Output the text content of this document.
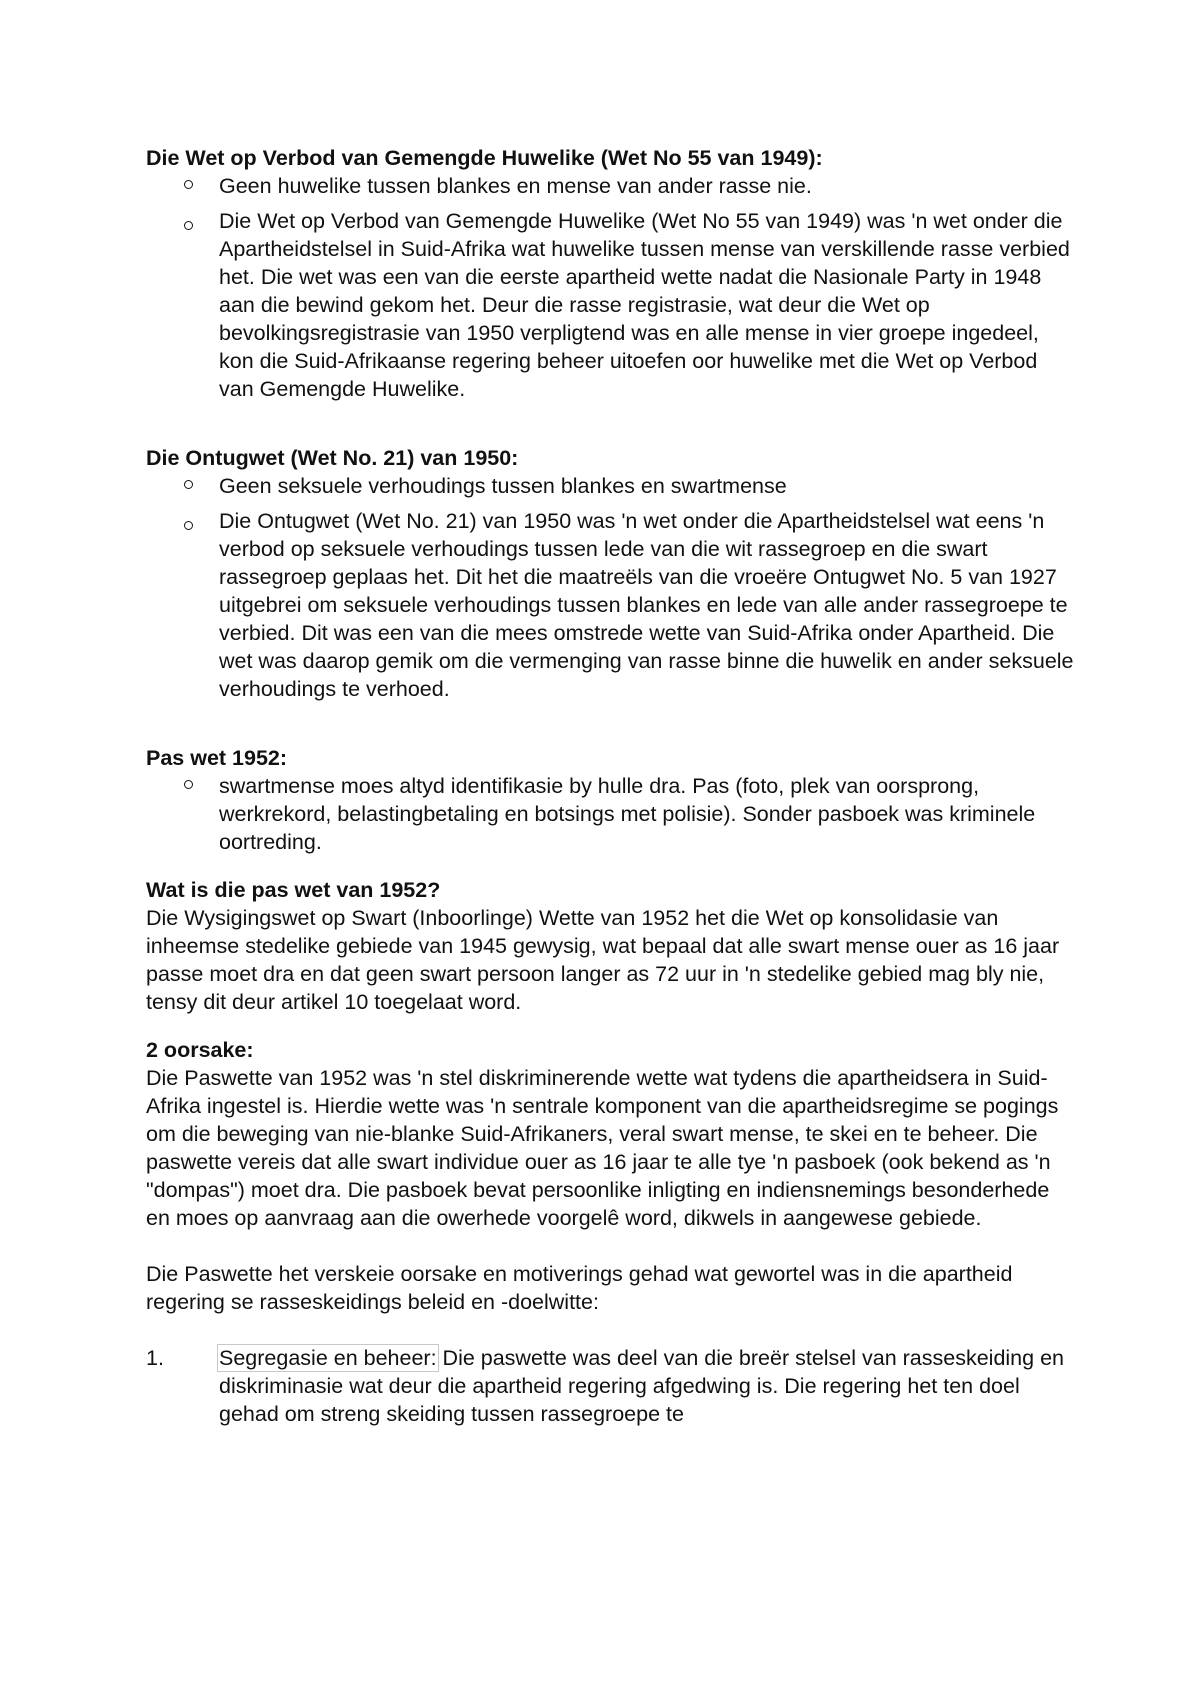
Die Wet op Verbod van Gemengde Huwelike (Wet No 55 van 1949):

Geen huwelike tussen blankes en mense van ander rasse nie.
Die Wet op Verbod van Gemengde Huwelike (Wet No 55 van 1949) was 'n wet onder die Apartheidstelsel in Suid-Afrika wat huwelike tussen mense van verskillende rasse verbied het. Die wet was een van die eerste apartheid wette nadat die Nasionale Party in 1948 aan die bewind gekom het. Deur die rasse registrasie, wat deur die Wet op bevolkingsregistrasie van 1950 verpligtend was en alle mense in vier groepe ingedeel, kon die Suid-Afrikaanse regering beheer uitoefen oor huwelike met die Wet op Verbod van Gemengde Huwelike.

Die Ontugwet (Wet No. 21) van 1950:

Geen seksuele verhoudings tussen blankes en swartmense
Die Ontugwet (Wet No. 21) van 1950 was 'n wet onder die Apartheidstelsel wat eens 'n verbod op seksuele verhoudings tussen lede van die wit rassegroep en die swart rassegroep geplaas het. Dit het die maatreëls van die vroeëre Ontugwet No. 5 van 1927 uitgebrei om seksuele verhoudings tussen blankes en lede van alle ander rassegroepe te verbied. Dit was een van die mees omstrede wette van Suid-Afrika onder Apartheid. Die wet was daarop gemik om die vermenging van rasse binne die huwelik en ander seksuele verhoudings te verhoed.

Pas wet 1952:

swartmense moes altyd identifikasie by hulle dra. Pas (foto, plek van oorsprong, werkrekord, belastingbetaling en botsings met polisie). Sonder pasboek was kriminele oortreding.

Wat is die pas wet van 1952?

Die Wysigingswet op Swart (Inboorlinge) Wette van 1952 het die Wet op konsolidasie van inheemse stedelike gebiede van 1945 gewysig, wat bepaal dat alle swart mense ouer as 16 jaar passe moet dra en dat geen swart persoon langer as 72 uur in 'n stedelike gebied mag bly nie, tensy dit deur artikel 10 toegelaat word.

2 oorsake:

Die Paswette van 1952 was 'n stel diskriminerende wette wat tydens die apartheidsera in Suid-Afrika ingestel is. Hierdie wette was 'n sentrale komponent van die apartheidsregime se pogings om die beweging van nie-blanke Suid-Afrikaners, veral swart mense, te skei en te beheer. Die paswette vereis dat alle swart individue ouer as 16 jaar te alle tye 'n pasboek (ook bekend as 'n "dompas") moet dra. Die pasboek bevat persoonlike inligting en indiensnemings besonderhede en moes op aanvraag aan die owerhede voorgelê word, dikwels in aangewese gebiede.

Die Paswette het verskeie oorsake en motiverings gehad wat gewortel was in die apartheid regering se rasseskeidings beleid en -doelwitte:

1.	Segregasie en beheer: Die paswette was deel van die breër stelsel van rasseskeiding en diskriminasie wat deur die apartheid regering afgedwing is. Die regering het ten doel gehad om streng skeiding tussen rassegroepe te
